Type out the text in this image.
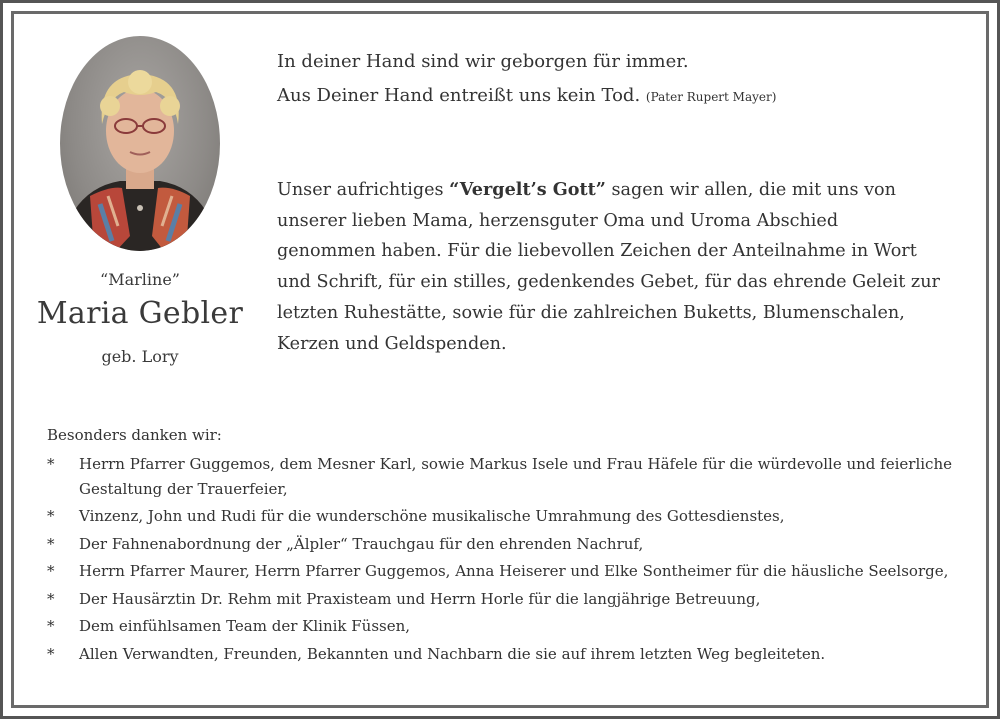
“Marline”
Maria Gebler
geb. Lory
In deiner Hand sind wir geborgen für immer.
Aus Deiner Hand entreißt uns kein Tod. (Pater Rupert Mayer)
Unser aufrichtiges “Vergelt’s Gott” sagen wir allen, die mit uns von
unserer lieben Mama, herzensguter Oma und Uroma Abschied
genommen haben. Für die liebevollen Zeichen der Anteilnahme in Wort
und Schrift, für ein stilles, gedenkendes Gebet, für das ehrende Geleit zur
letzten Ruhestätte, sowie für die zahlreichen Buketts, Blumenschalen,
Kerzen und Geldspenden.
Besonders danken wir:
* Herrn Pfarrer Guggemos, dem Mesner Karl, sowie Markus Isele und Frau Häfele für die würdevolle und feierliche
Gestaltung der Trauerfeier,
* Vinzenz, John und Rudi für die wunderschöne musikalische Umrahmung des Gottesdienstes,
* Der Fahnenabordnung der „Älpler“ Trauchgau für den ehrenden Nachruf,
* Herrn Pfarrer Maurer, Herrn Pfarrer Guggemos, Anna Heiserer und Elke Sontheimer für die häusliche Seelsorge,
* Der Hausärztin Dr. Rehm mit Praxisteam und Herrn Horle für die langjährige Betreuung,
* Dem einfühlsamen Team der Klinik Füssen,
* Allen Verwandten, Freunden, Bekannten und Nachbarn die sie auf ihrem letzten Weg begleiteten.
